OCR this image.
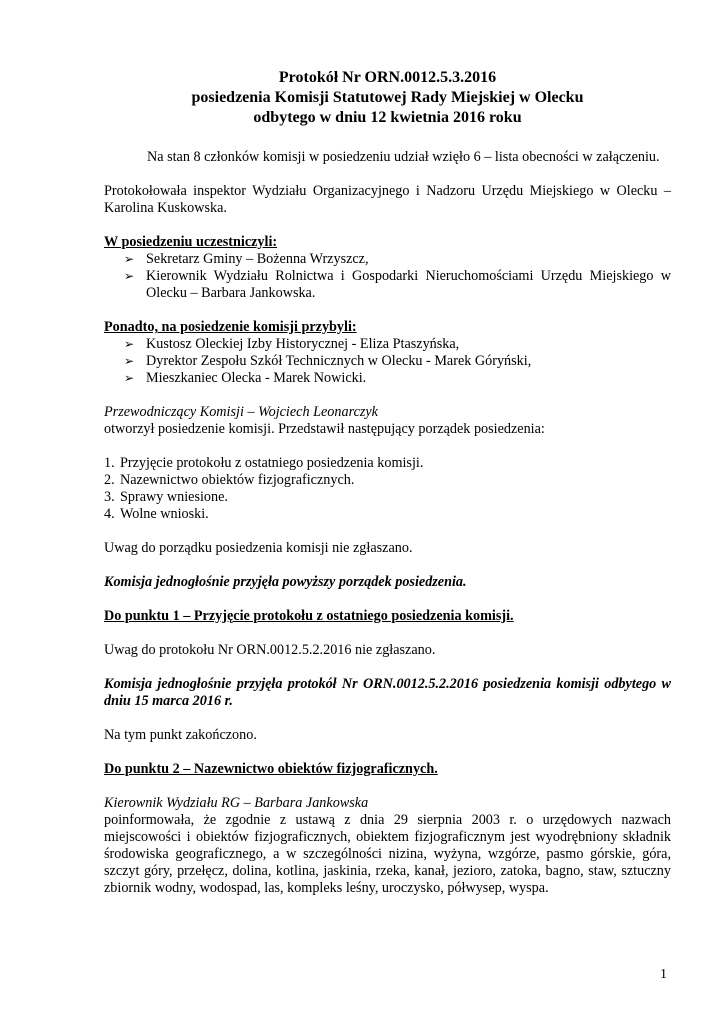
Protokół Nr ORN.0012.5.3.2016

posiedzenia Komisji Statutowej Rady Miejskiej w Olecku

odbytego w dniu 12 kwietnia 2016 roku

Na stan 8 członków komisji w posiedzeniu udział wzięło 6 – lista obecności w załączeniu.

Protokołowała inspektor Wydziału Organizacyjnego i Nadzoru Urzędu Miejskiego w Olecku – Karolina Kuskowska.

W posiedzeniu uczestniczyli:

➢ Sekretarz Gminy – Bożenna Wrzyszcz,
➢ Kierownik Wydziału Rolnictwa i Gospodarki Nieruchomościami Urzędu Miejskiego w Olecku – Barbara Jankowska.

Ponadto, na posiedzenie komisji przybyli:

➢ Kustosz Oleckiej Izby Historycznej - Eliza Ptaszyńska,
➢ Dyrektor Zespołu Szkół Technicznych w Olecku - Marek Góryński,
➢ Mieszkaniec Olecka - Marek Nowicki.

Przewodniczący Komisji – Wojciech Leonarczyk

otworzył posiedzenie komisji. Przedstawił następujący porządek posiedzenia:

1. Przyjęcie protokołu z ostatniego posiedzenia komisji.
2. Nazewnictwo obiektów fizjograficznych.
3. Sprawy wniesione.
4. Wolne wnioski.

Uwag do porządku posiedzenia komisji nie zgłaszano.

Komisja jednogłośnie przyjęła powyższy porządek posiedzenia.

Do punktu 1 – Przyjęcie protokołu z ostatniego posiedzenia komisji.

Uwag do protokołu Nr ORN.0012.5.2.2016 nie zgłaszano.

Komisja jednogłośnie przyjęła protokół Nr ORN.0012.5.2.2016 posiedzenia komisji odbytego w dniu 15 marca 2016 r.

Na tym punkt zakończono.

Do punktu 2 – Nazewnictwo obiektów fizjograficznych.

Kierownik Wydziału RG – Barbara Jankowska

poinformowała, że zgodnie z ustawą z dnia 29 sierpnia 2003 r. o urzędowych nazwach miejscowości i obiektów fizjograficznych, obiektem fizjograficznym jest wyodrębniony składnik środowiska geograficznego, a w szczególności nizina, wyżyna, wzgórze, pasmo górskie, góra, szczyt góry, przełęcz, dolina, kotlina, jaskinia, rzeka, kanał, jezioro, zatoka, bagno, staw, sztuczny zbiornik wodny, wodospad, las, kompleks leśny, uroczysko, półwysep, wyspa.

1
